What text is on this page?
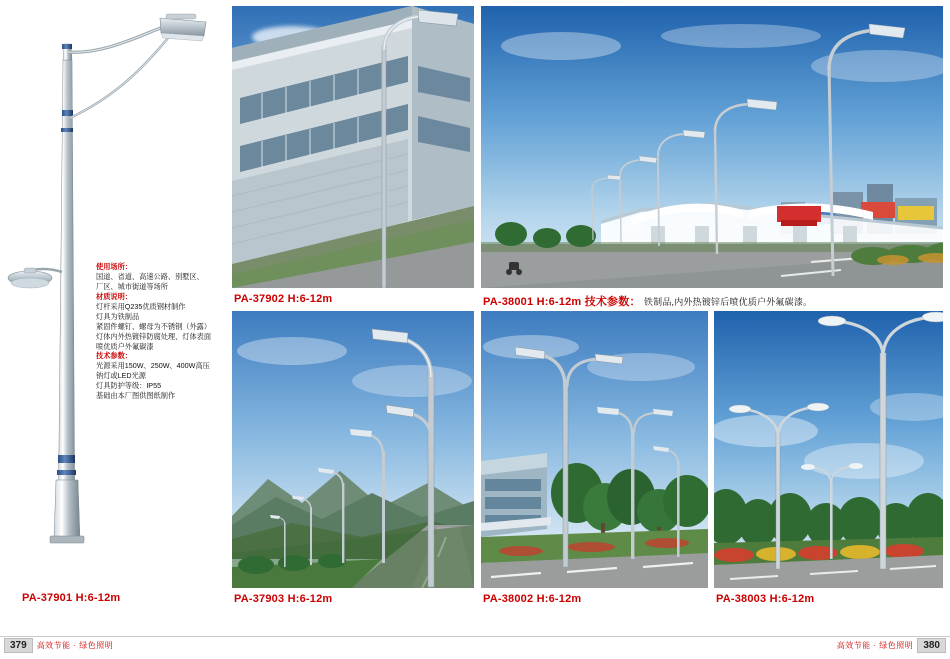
使用场所：

国道、省道、高速公路、别墅区、

厂区、城市街道等场所

材质说明：

灯杆采用Q235优质钢材制作

灯具为铁制品

紧固件螺钉、螺母为不锈钢（外露）

灯体内外热镀锌防腐处理、灯体表面

喷优质户外氟碳漆

技术参数：

光源采用150W、250W、400W高压

钠灯或LED光源

灯具防护等级：IP55

基础由本厂图供图纸制作

PA-37901 H:6-12m
PA-37902 H:6-12m	PA-38001 H:6-12m 技术参数： 铁制品,内外热镀锌后喷优质户外氟碳漆。
PA-37903 H:6-12m	PA-38002 H:6-12m	PA-38003 H:6-12m
379	高效节能 · 绿色照明	高效节能 · 绿色照明	380
